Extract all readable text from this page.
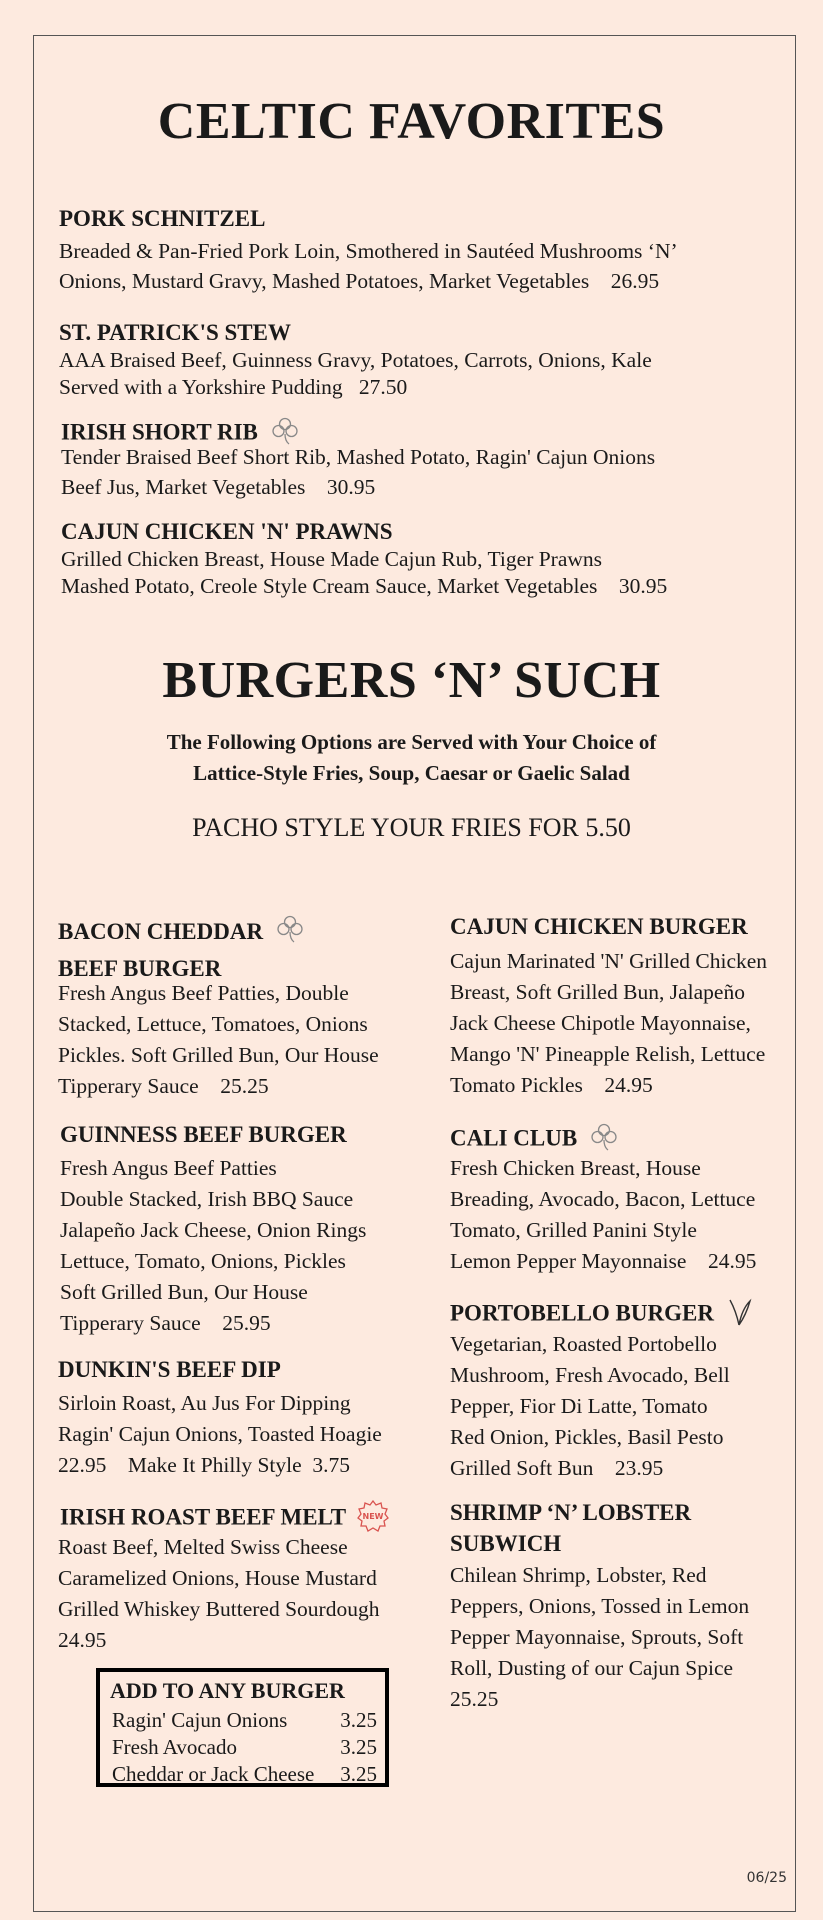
CELTIC FAVORITES
PORK SCHNITZEL
Breaded & Pan-Fried Pork Loin, Smothered in Sautéed Mushrooms ‘N’
Onions, Mustard Gravy, Mashed Potatoes, Market Vegetables 26.95
ST. PATRICK'S STEW
AAA Braised Beef, Guinness Gravy, Potatoes, Carrots, Onions, Kale
Served with a Yorkshire Pudding 27.50
IRISH SHORT RIB
Tender Braised Beef Short Rib, Mashed Potato, Ragin' Cajun Onions
Beef Jus, Market Vegetables 30.95
CAJUN CHICKEN 'N' PRAWNS
Grilled Chicken Breast, House Made Cajun Rub, Tiger Prawns
Mashed Potato, Creole Style Cream Sauce, Market Vegetables 30.95
BURGERS ‘N’ SUCH
The Following Options are Served with Your Choice of
Lattice-Style Fries, Soup, Caesar or Gaelic Salad
PACHO STYLE YOUR FRIES FOR 5.50
BACON CHEDDAR
BEEF BURGER
Fresh Angus Beef Patties, Double
Stacked, Lettuce, Tomatoes, Onions
Pickles. Soft Grilled Bun, Our House
Tipperary Sauce 25.25
GUINNESS BEEF BURGER
Fresh Angus Beef Patties
Double Stacked, Irish BBQ Sauce
Jalapeño Jack Cheese, Onion Rings
Lettuce, Tomato, Onions, Pickles
Soft Grilled Bun, Our House
Tipperary Sauce 25.95
DUNKIN'S BEEF DIP
Sirloin Roast, Au Jus For Dipping
Ragin' Cajun Onions, Toasted Hoagie
22.95 Make It Philly Style 3.75
IRISH ROAST BEEF MELT NEW
Roast Beef, Melted Swiss Cheese
Caramelized Onions, House Mustard
Grilled Whiskey Buttered Sourdough
24.95
ADD TO ANY BURGER
Ragin' Cajun Onions	3.25
Fresh Avocado	3.25
Cheddar or Jack Cheese 3.25
CAJUN CHICKEN BURGER
Cajun Marinated 'N' Grilled Chicken
Breast, Soft Grilled Bun, Jalapeño
Jack Cheese Chipotle Mayonnaise,
Mango 'N' Pineapple Relish, Lettuce
Tomato Pickles 24.95
CALI CLUB
Fresh Chicken Breast, House
Breading, Avocado, Bacon, Lettuce
Tomato, Grilled Panini Style
Lemon Pepper Mayonnaise 24.95
PORTOBELLO BURGER
Vegetarian, Roasted Portobello
Mushroom, Fresh Avocado, Bell
Pepper, Fior Di Latte, Tomato
Red Onion, Pickles, Basil Pesto
Grilled Soft Bun 23.95
SHRIMP ‘N’ LOBSTER
SUBWICH
Chilean Shrimp, Lobster, Red
Peppers, Onions, Tossed in Lemon
Pepper Mayonnaise, Sprouts, Soft
Roll, Dusting of our Cajun Spice
25.25
06/25
